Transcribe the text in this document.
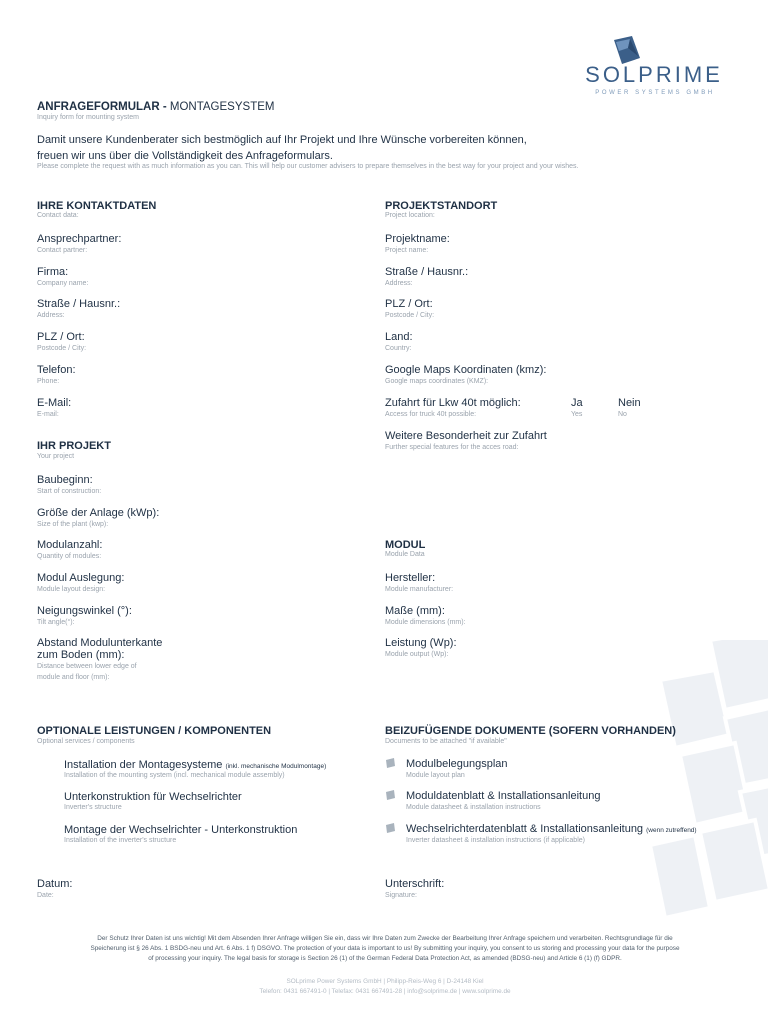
SOLPRIME
POWER SYSTEMS GMBH
ANFRAGEFORMULAR - MONTAGESYSTEM
Inquiry form for mounting system
Damit unsere Kundenberater sich bestmöglich auf Ihr Projekt und Ihre Wünsche vorbereiten können,
freuen wir uns über die Vollständigkeit des Anfrageformulars.
Please complete the request with as much information as you can. This will help our customer advisers to prepare themselves in the best way for your project and your wishes.
IHRE KONTAKTDATEN
Contact data:
Ansprechpartner:
Contact partner:
Firma:
Company name:
Straße / Hausnr.:
Address:
PLZ / Ort:
Postcode / City:
Telefon:
Phone:
E-Mail:
E-mail:
PROJEKTSTANDORT
Project location:
Projektname:
Project name:
Straße / Hausnr.:
Address:
PLZ / Ort:
Postcode / City:
Land:
Country:
Google Maps Koordinaten (kmz):
Google maps coordinates (KMZ):
Zufahrt für Lkw 40t möglich:
Access for truck 40t possible:
Ja
Yes
Nein
No
Weitere Besonderheit zur Zufahrt
Further special features for the acces road:
IHR PROJEKT
Your project
Baubeginn:
Start of construction:
Größe der Anlage (kWp):
Size of the plant (kwp):
Modulanzahl:
Quantity of modules:
Modul Auslegung:
Module layout design:
Neigungswinkel (°):
Tilt angle(°):
Abstand Modulunterkante
zum Boden (mm):
Distance between lower edge of
module and floor (mm):
MODUL
Module Data
Hersteller:
Module manufacturer:
Maße (mm):
Module dimensions (mm):
Leistung (Wp):
Module output (Wp):
OPTIONALE LEISTUNGEN / KOMPONENTEN
Optional services / components
Installation der Montagesysteme (inkl. mechanische Modulmontage)
Installation of the mounting system (incl. mechanical module assembly)
Unterkonstruktion für Wechselrichter
Inverter's structure
Montage der Wechselrichter - Unterkonstruktion
Installation of the inverter's structure
BEIZUFÜGENDE DOKUMENTE (SOFERN VORHANDEN)
Documents to be attached "if available"
Modulbelegungsplan
Module layout plan
Moduldatenblatt & Installationsanleitung
Module datasheet & installation instructions
Wechselrichterdatenblatt & Installationsanleitung (wenn zutreffend)
Inverter datasheet & installation instructions (if applicable)
Datum:
Date:
Unterschrift:
Signature:
Der Schutz Ihrer Daten ist uns wichtig! Mit dem Absenden Ihrer Anfrage willigen Sie ein, dass wir Ihre Daten zum Zwecke der Bearbeitung Ihrer Anfrage speichern und verarbeiten. Rechtsgrundlage für die
Speicherung ist § 26 Abs. 1 BSDG-neu und Art. 6 Abs. 1 f) DSGVO. The protection of your data is important to us! By submitting your inquiry, you consent to us storing and processing your data for the purpose
of processing your inquiry. The legal basis for storage is Section 26 (1) of the German Federal Data Protection Act, as amended (BDSG-neu) and Article 6 (1) (f) GDPR.
SOLprime Power Systems GmbH | Philipp-Reis-Weg 6 | D-24148 Kiel
Telefon: 0431 667491-0 | Telefax: 0431 667491-28 | info@solprime.de | www.solprime.de
